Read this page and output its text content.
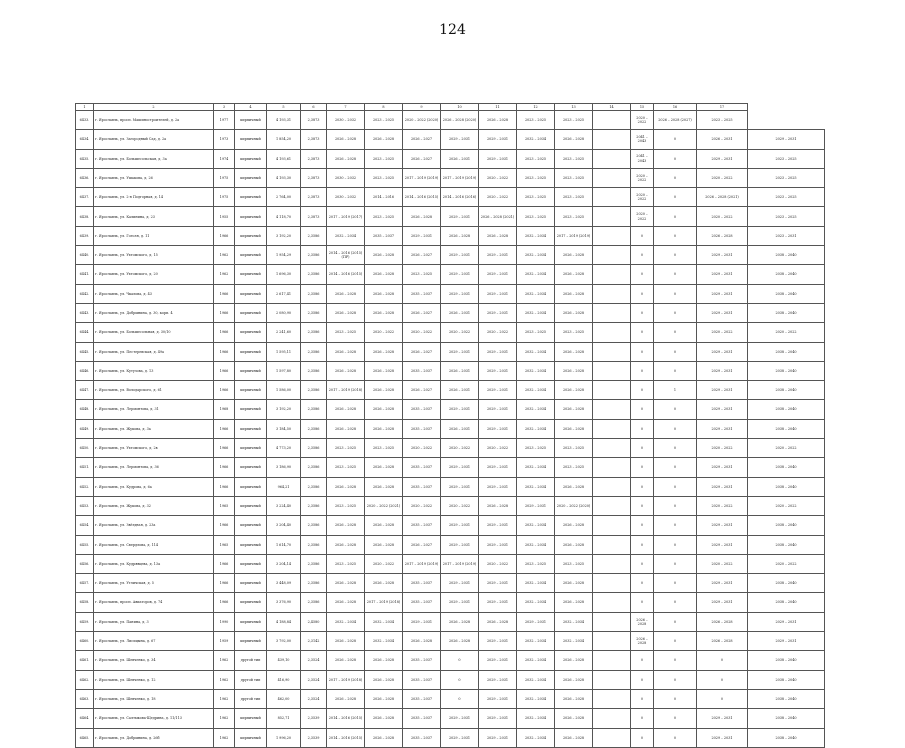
124
1	2	3	4	5	6	7	8	9	10	11	12	13	14	15	16	17	
6433.	г. Ярославль, просп. Машиностроителей, д. 2а	1977	кирпичный	4 193,31	2,3873	2030 – 2032	2023 – 2025	2020 – 2022 (2020)	2026 – 2028 (2020)	2026 – 2028	2023 – 2025	2023 – 2025		2020 – 2022	2026 – 2028 (2027)	2023 – 2025	
6434.	г. Ярославль, ул. Загородный Сад, д. 2а	1973	кирпичный	1 854,20	2,3873	2026 – 2028	2026 – 2028	2026 – 2027	2029 – 2031	2029 – 2031	2032 – 2034	2026 – 2028		2041 – 2043	0	2026 – 2031	2029 – 2031
6435.	г. Ярославль, ул. Большесольская, д. 3а	1974	кирпичный	4 193,61	2,3873	2026 – 2028	2023 – 2025	2026 – 2027	2026 – 2031	2029 – 2031	2023 – 2025	2023 – 2025		2041 – 2043	0	2029 – 2031	2023 – 2025
6436.	г. Ярославль, ул. Ушакова, д. 26	1975	кирпичный	4 193,30	2,3873	2030 – 2032	2023 – 2025	2017 – 2019 (2019)	2017 – 2019 (2019)	2020 – 2022	2023 – 2025	2023 – 2025		2020 – 2022	0	2020 – 2022	2023 – 2025
6437.	г. Ярославль, ул. 2-я Подгорная, д. 14	1975	кирпичный	2 764,00	2,3873	2030 – 2032	2014 – 2016	2014 – 2016 (2015)	2014 – 2016 (2016)	2020 – 2022	2023 – 2025	2023 – 2025		2020 – 2022	0	2026 – 2028 (2021)	2023 – 2025
6438.	г. Ярославль, ул. Калинина, д. 23	1955	кирпичный	4 118,70	2,3873	2017 – 2019 (2017)	2023 – 2025	2026 – 2028	2029 – 2031	2026 – 2028 (2021)	2023 – 2025	2023 – 2025		2020 – 2022	0	2020 – 2022	2023 – 2025
6439.	г. Ярославль, ул. Гоголя, д. 11	1966	кирпичный	3 192,20	2,3586	2032 – 2034	2035 – 2037	2029 – 2031	2026 – 2028	2026 – 2028	2032 – 2034	2017 – 2019 (2019)		0	0	2026 – 2028	2023 – 2031
6440.	г. Ярославль, ул. Ухтомского, д. 15	1962	кирпичный	1 954,29	2,3586	2014 – 2016 (2015)(ПР)	2026 – 2028	2026 – 2027	2029 – 2031	2029 – 2031	2032 – 2034	2026 – 2028		0	0	2029 – 2031	2038 – 2040
6441.	г. Ярославль, ул. Ухтомского, д. 20	1962	кирпичный	1 696,30	2,3586	2014 – 2016 (2015)	2026 – 2028	2023 – 2025	2029 – 2031	2029 – 2031	2032 – 2034	2026 – 2028		0	0	2029 – 2031	2038 – 2040
6442.	г. Ярославль, ул. Чкалова, д. 43	1966	кирпичный	2 617,41	2,3586	2026 – 2028	2026 – 2028	2035 – 2037	2029 – 2031	2029 – 2031	2032 – 2034	2026 – 2028		0	0	2029 – 2031	2038 – 2040
6443.	г. Ярославль, ул. Добрынина, д. 30, корп. 4	1966	кирпичный	2 080,90	2,3586	2026 – 2028	2026 – 2028	2026 – 2027	2026 – 2031	2029 – 2031	2032 – 2034	2026 – 2028		0	0	2029 – 2031	2038 – 2040
6444.	г. Ярославль, ул. Большесольная, д. 30/10	1966	кирпичный	2 241,60	2,3586	2023 – 2025	2020 – 2022	2020 – 2022	2020 – 2022	2020 – 2022	2023 – 2025	2023 – 2025		0	0	2020 – 2022	2020 – 2022
6445.	г. Ярославль, ул. Пестеревская, д. 49а	1966	кирпичный	1 595,11	2,3586	2026 – 2028	2026 – 2028	2026 – 2027	2029 – 2031	2029 – 2031	2032 – 2034	2026 – 2028		0	0	2029 – 2031	2038 – 2040
6446.	г. Ярославль, ул. Кутузова, д. 13	1966	кирпичный	1 597,80	2,3586	2026 – 2028	2026 – 2028	2035 – 2037	2026 – 2031	2029 – 2031	2032 – 2034	2026 – 2028		0	0	2029 – 2031	2038 – 2040
6447.	г. Ярославль, ул. Володарского, д. 61	1966	кирпичный	1 586,00	2,3586	2017 – 2019 (2018)	2026 – 2028	2026 – 2027	2026 – 2031	2029 – 2031	2032 – 2034	2026 – 2028		0	1	2029 – 2031	2038 – 2040
6448.	г. Ярославль, ул. Лермонтова, д. 31	1968	кирпичный	3 192,20	2,3586	2026 – 2028	2026 – 2028	2035 – 2037	2029 – 2031	2029 – 2031	2032 – 2034	2026 – 2028		0	0	2029 – 2031	2038 – 2040
6449.	г. Ярославль, ул. Жукова, д. 3а	1966	кирпичный	3 184,50	2,3586	2026 – 2028	2026 – 2028	2035 – 2037	2026 – 2031	2029 – 2031	2032 – 2034	2026 – 2028		0	0	2029 – 2031	2038 – 2040
6450.	г. Ярославль, ул. Ухтомского, д. 2в	1966	кирпичный	4 773,20	2,3586	2023 – 2025	2023 – 2025	2020 – 2022	2020 – 2022	2020 – 2022	2023 – 2025	2023 – 2025		0	0	2020 – 2022	2020 – 2022
6451.	г. Ярославль, ул. Лермонтова, д. 36	1966	кирпичный	3 186,90	2,3586	2023 – 2025	2026 – 2028	2035 – 2037	2029 – 2031	2029 – 2031	2032 – 2034	2023 – 2025		0	0	2029 – 2031	2038 – 2040
6452.	г. Ярославль, ул. Кудрова, д. 6а	1966	кирпичный	964,21	2,3586	2026 – 2028	2026 – 2028	2035 – 2037	2029 – 2031	2029 – 2031	2032 – 2034	2026 – 2028		0	0	2029 – 2031	2038 – 2040
6453.	г. Ярославль, ул. Жукова, д. 32	1965	кирпичный	3 224,40	2,3586	2023 – 2025	2020 – 2022 (2021)	2020 – 2022	2020 – 2022	2026 – 2028	2029 – 2031	2020 – 2022 (2020)		0	0	2020 – 2022	2020 – 2022
6454.	г. Ярославль, ул. Звёздная, д. 23а	1966	кирпичный	3 204,40	2,3586	2026 – 2028	2026 – 2028	2035 – 2037	2029 – 2031	2029 – 2031	2032 – 2034	2026 – 2028		0	0	2029 – 2031	2038 – 2040
6455.	г. Ярославль, ул. Свердлова, д. 114	1965	кирпичный	1 614,70	2,3586	2026 – 2028	2026 – 2028	2026 – 2027	2029 – 2031	2029 – 2031	2032 – 2034	2026 – 2028		0	0	2029 – 2031	2038 – 2040
6456.	г. Ярославль, ул. Кудрявцева, д. 13а	1966	кирпичный	3 204,14	2,3586	2023 – 2025	2020 – 2022	2017 – 2019 (2019)	2017 – 2019 (2019)	2020 – 2022	2023 – 2025	2023 – 2025		0	0	2020 – 2022	2020 – 2022
6457.	г. Ярославль, ул. Угличская, д. 5	1966	кирпичный	3 448,09	2,3586	2026 – 2028	2026 – 2028	2035 – 2037	2029 – 2031	2029 – 2031	2032 – 2034	2026 – 2028		0	0	2029 – 2031	2038 – 2040
6458.	г. Ярославль, просп. Авиаторов, д. 74	1966	кирпичный	3 376,90	2,3586	2026 – 2028	2017 – 2019 (2018)	2035 – 2037	2029 – 2031	2029 – 2031	2032 – 2034	2026 – 2028		0	0	2029 – 2031	2038 – 2040
6459.	г. Ярославль, ул. Панина, д. 3	1990	кирпичный	4 188,84	2,4580	2032 – 2034	2032 – 2034	2029 – 2031	2026 – 2028	2026 – 2028	2029 – 2031	2032 – 2034		2026 – 2028	0	2026 – 2028	2029 – 2031
6460.	г. Ярославль, ул. Лисицына, д. 67	1959	кирпичный	3 792,00	2,3142	2026 – 2028	2032 – 2034	2026 – 2028	2026 – 2028	2029 – 2031	2032 – 2034	2032 – 2034		2026 – 2028	0	2026 – 2028	2029 – 2031
6461.	г. Ярославль, ул. Шевченко, д. 34	1962	другой тип	439,10	2,3524	2026 – 2028	2026 – 2028	2035 – 2037	0	2029 – 2031	2032 – 2034	2026 – 2028		0	0	0	2038 – 2040
6462.	г. Ярославль, ул. Шевченко, д. 12	1962	другой тип	416,90	2,3524	2017 – 2019 (2018)	2026 – 2028	2035 – 2037	0	2029 – 2031	2032 – 2034	2026 – 2028		0	0	0	2038 – 2040
6463.	г. Ярославль, ул. Шевченко, д. 18	1962	другой тип	462,00	2,3524	2026 – 2028	2026 – 2028	2035 – 2037	0	2029 – 2031	2032 – 2034	2026 – 2028		0	0	0	2038 – 2040
6464.	г. Ярославль, ул. Салтыкова-Щедрина, д. 11/113	1962	кирпичный	852,71	2,3539	2014 – 2016 (2015)	2026 – 2028	2035 – 2037	2029 – 2031	2029 – 2031	2032 – 2034	2026 – 2028		0	0	2029 – 2031	2038 – 2040
6465.	г. Ярославль, ул. Добрынина, д. 26б	1962	кирпичный	1 996,20	2,3539	2014 – 2016 (2015)	2026 – 2028	2035 – 2037	2029 – 2031	2029 – 2031	2032 – 2034	2026 – 2028		0	0	2029 – 2031	2038 – 2040
